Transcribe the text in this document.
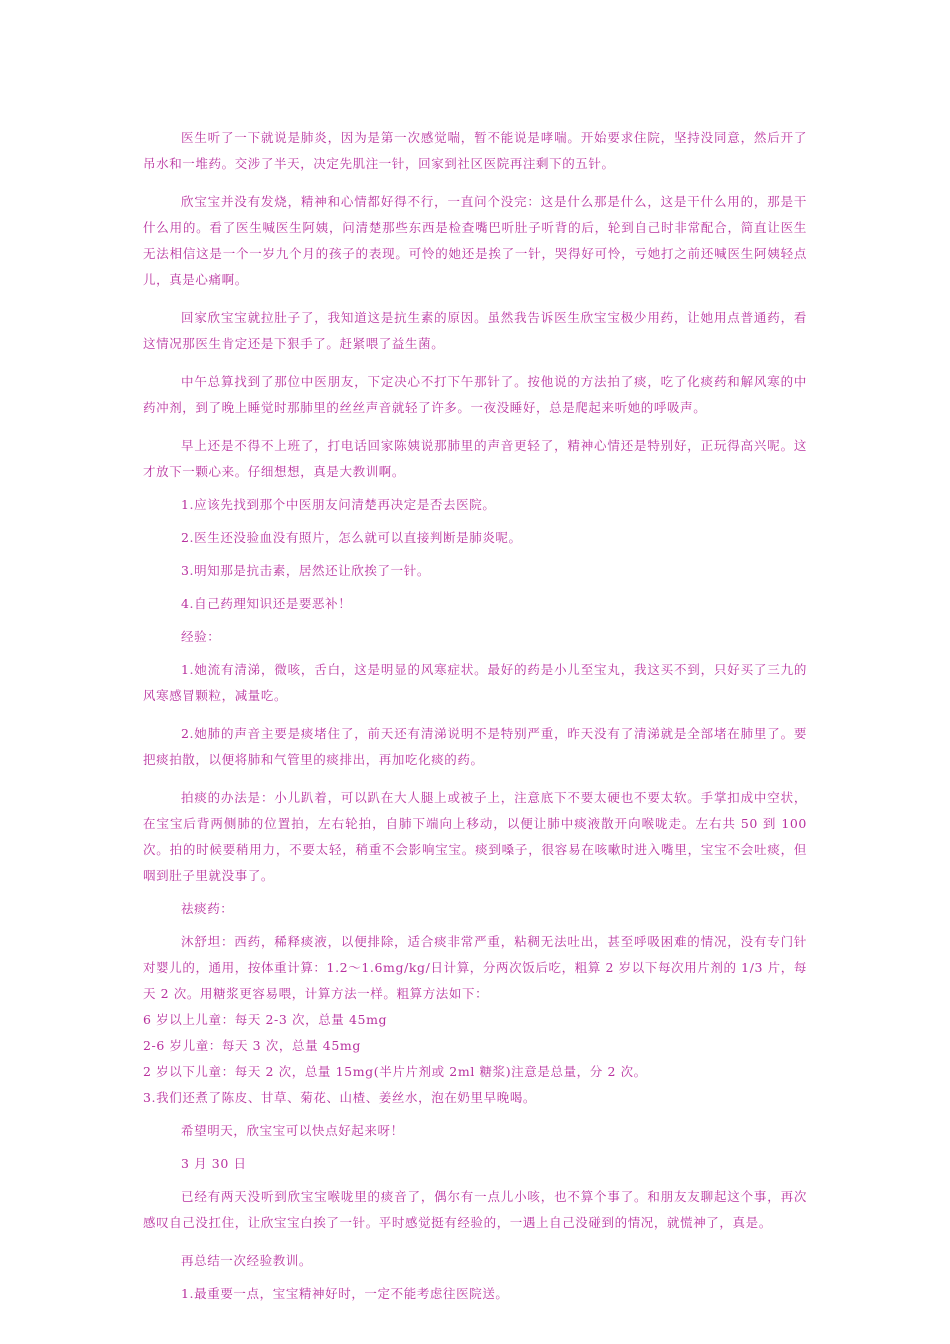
医生听了一下就说是肺炎，因为是第一次感觉喘，暂不能说是哮喘。开始要求住院，坚持没同意，然后开了吊水和一堆药。交涉了半天，决定先肌注一针，回家到社区医院再注剩下的五针。

欣宝宝并没有发烧，精神和心情都好得不行，一直问个没完：这是什么那是什么，这是干什么用的，那是干什么用的。看了医生喊医生阿姨，问清楚那些东西是检查嘴巴听肚子听背的后，轮到自己时非常配合，简直让医生无法相信这是一个一岁九个月的孩子的表现。可怜的她还是挨了一针，哭得好可怜，亏她打之前还喊医生阿姨轻点儿，真是心痛啊。

回家欣宝宝就拉肚子了，我知道这是抗生素的原因。虽然我告诉医生欣宝宝极少用药，让她用点普通药，看这情况那医生肯定还是下狠手了。赶紧喂了益生菌。

中午总算找到了那位中医朋友，下定决心不打下午那针了。按他说的方法拍了痰，吃了化痰药和解风寒的中药冲剂，到了晚上睡觉时那肺里的丝丝声音就轻了许多。一夜没睡好，总是爬起来听她的呼吸声。

早上还是不得不上班了，打电话回家陈姨说那肺里的声音更轻了，精神心情还是特别好，正玩得高兴呢。这才放下一颗心来。仔细想想，真是大教训啊。

1.应该先找到那个中医朋友问清楚再决定是否去医院。

2.医生还没验血没有照片，怎么就可以直接判断是肺炎呢。

3.明知那是抗击素，居然还让欣挨了一针。

4.自己药理知识还是要恶补！

经验：

1.她流有清涕，微咳，舌白，这是明显的风寒症状。最好的药是小儿至宝丸，我这买不到，只好买了三九的风寒感冒颗粒，减量吃。

2.她肺的声音主要是痰堵住了，前天还有清涕说明不是特别严重，昨天没有了清涕就是全部堵在肺里了。要把痰拍散，以便将肺和气管里的痰排出，再加吃化痰的药。

拍痰的办法是：小儿趴着，可以趴在大人腿上或被子上，注意底下不要太硬也不要太软。手掌扣成中空状，在宝宝后背两侧肺的位置拍，左右轮拍，自肺下端向上移动，以便让肺中痰液散开向喉咙走。左右共 50 到 100 次。拍的时候要稍用力，不要太轻，稍重不会影响宝宝。痰到嗓子，很容易在咳嗽时进入嘴里，宝宝不会吐痰，但咽到肚子里就没事了。

祛痰药：

沐舒坦：西药，稀释痰液，以便排除，适合痰非常严重，粘稠无法吐出，甚至呼吸困难的情况，没有专门针对婴儿的，通用，按体重计算：1.2～1.6mg/kg/日计算，分两次饭后吃，粗算 2 岁以下每次用片剂的 1/3 片，每天 2 次。用糖浆更容易喂，计算方法一样。粗算方法如下：

6 岁以上儿童：每天 2-3 次，总量 45mg

2-6 岁儿童：每天 3 次，总量 45mg

2 岁以下儿童：每天 2 次，总量 15mg(半片片剂或 2ml 糖浆)注意是总量，分 2 次。

3.我们还煮了陈皮、甘草、菊花、山楂、姜丝水，泡在奶里早晚喝。

希望明天，欣宝宝可以快点好起来呀！

3 月 30 日

已经有两天没听到欣宝宝喉咙里的痰音了，偶尔有一点儿小咳，也不算个事了。和朋友友聊起这个事，再次感叹自己没扛住，让欣宝宝白挨了一针。平时感觉挺有经验的，一遇上自己没碰到的情况，就慌神了，真是。

再总结一次经验教训。

1.最重要一点，宝宝精神好时，一定不能考虑往医院送。
